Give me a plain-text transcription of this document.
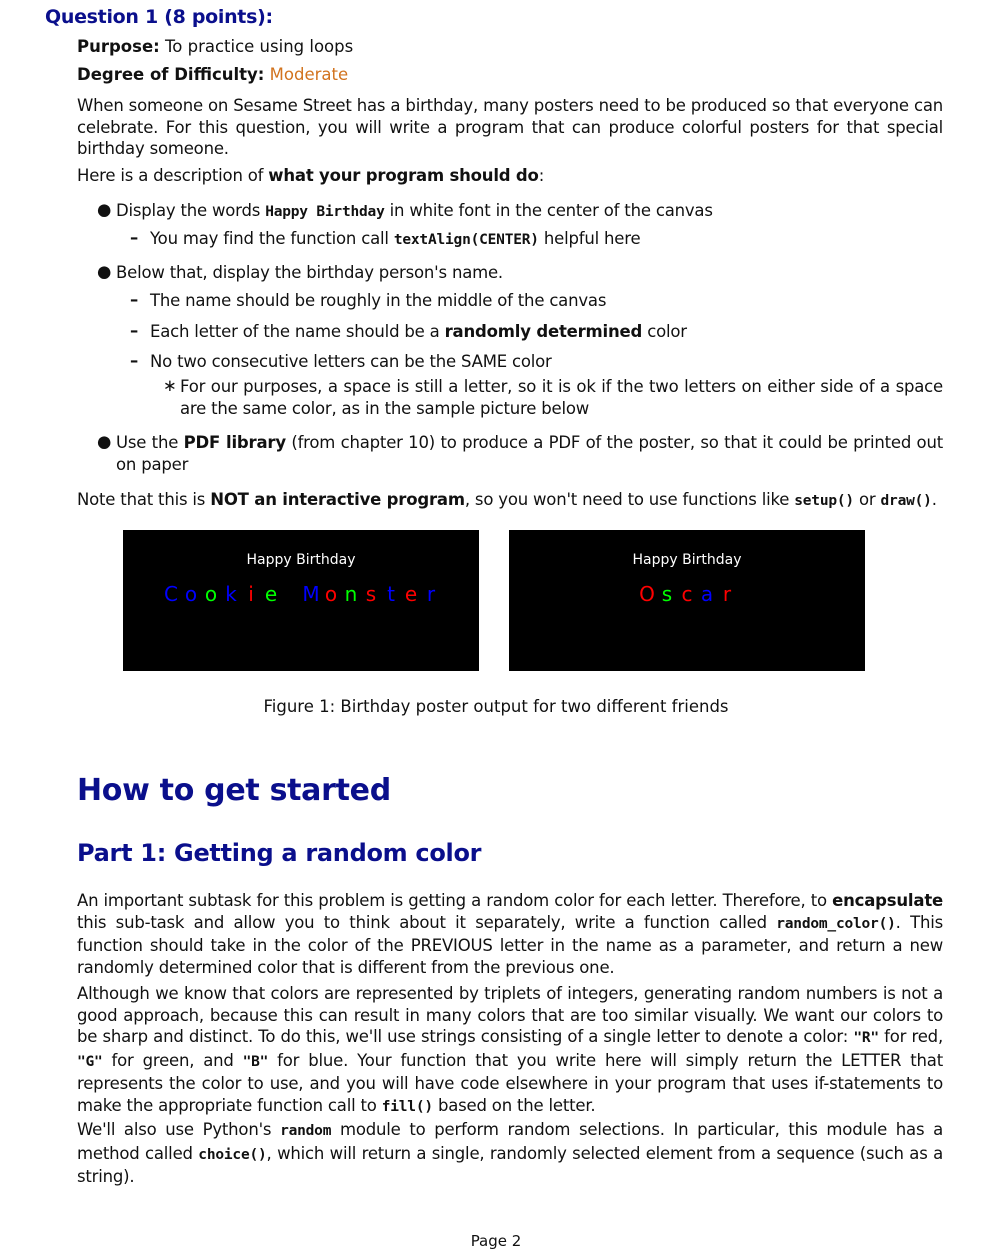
Question 1 (8 points):
Purpose: To practice using loops
Degree of Difficulty: Moderate
When someone on Sesame Street has a birthday, many posters need to be produced so that everyone can celebrate. For this question, you will write a program that can produce colorful posters for that special birthday someone.
Here is a description of what your program should do:
● Display the words Happy Birthday in white font in the center of the canvas
– You may find the function call textAlign(CENTER) helpful here
● Below that, display the birthday person's name.
– The name should be roughly in the middle of the canvas
– Each letter of the name should be a randomly determined color
– No two consecutive letters can be the SAME color
∗ For our purposes, a space is still a letter, so it is ok if the two letters on either side of a space are the same color, as in the sample picture below
● Use the PDF library (from chapter 10) to produce a PDF of the poster, so that it could be printed out on paper
Note that this is NOT an interactive program, so you won't need to use functions like setup() or draw().
Happy Birthday
C o o k i e M o n s t e r
Happy Birthday
O s c a r
Figure 1: Birthday poster output for two different friends
How to get started
Part 1: Getting a random color
An important subtask for this problem is getting a random color for each letter. Therefore, to encapsulate this sub-task and allow you to think about it separately, write a function called random_color(). This function should take in the color of the PREVIOUS letter in the name as a parameter, and return a new randomly determined color that is different from the previous one.
Although we know that colors are represented by triplets of integers, generating random numbers is not a good approach, because this can result in many colors that are too similar visually. We want our colors to be sharp and distinct. To do this, we'll use strings consisting of a single letter to denote a color: "R" for red, "G" for green, and "B" for blue. Your function that you write here will simply return the LETTER that represents the color to use, and you will have code elsewhere in your program that uses if-statements to make the appropriate function call to fill() based on the letter.
We'll also use Python's random module to perform random selections. In particular, this module has a method called choice(), which will return a single, randomly selected element from a sequence (such as a string).
Page 2
